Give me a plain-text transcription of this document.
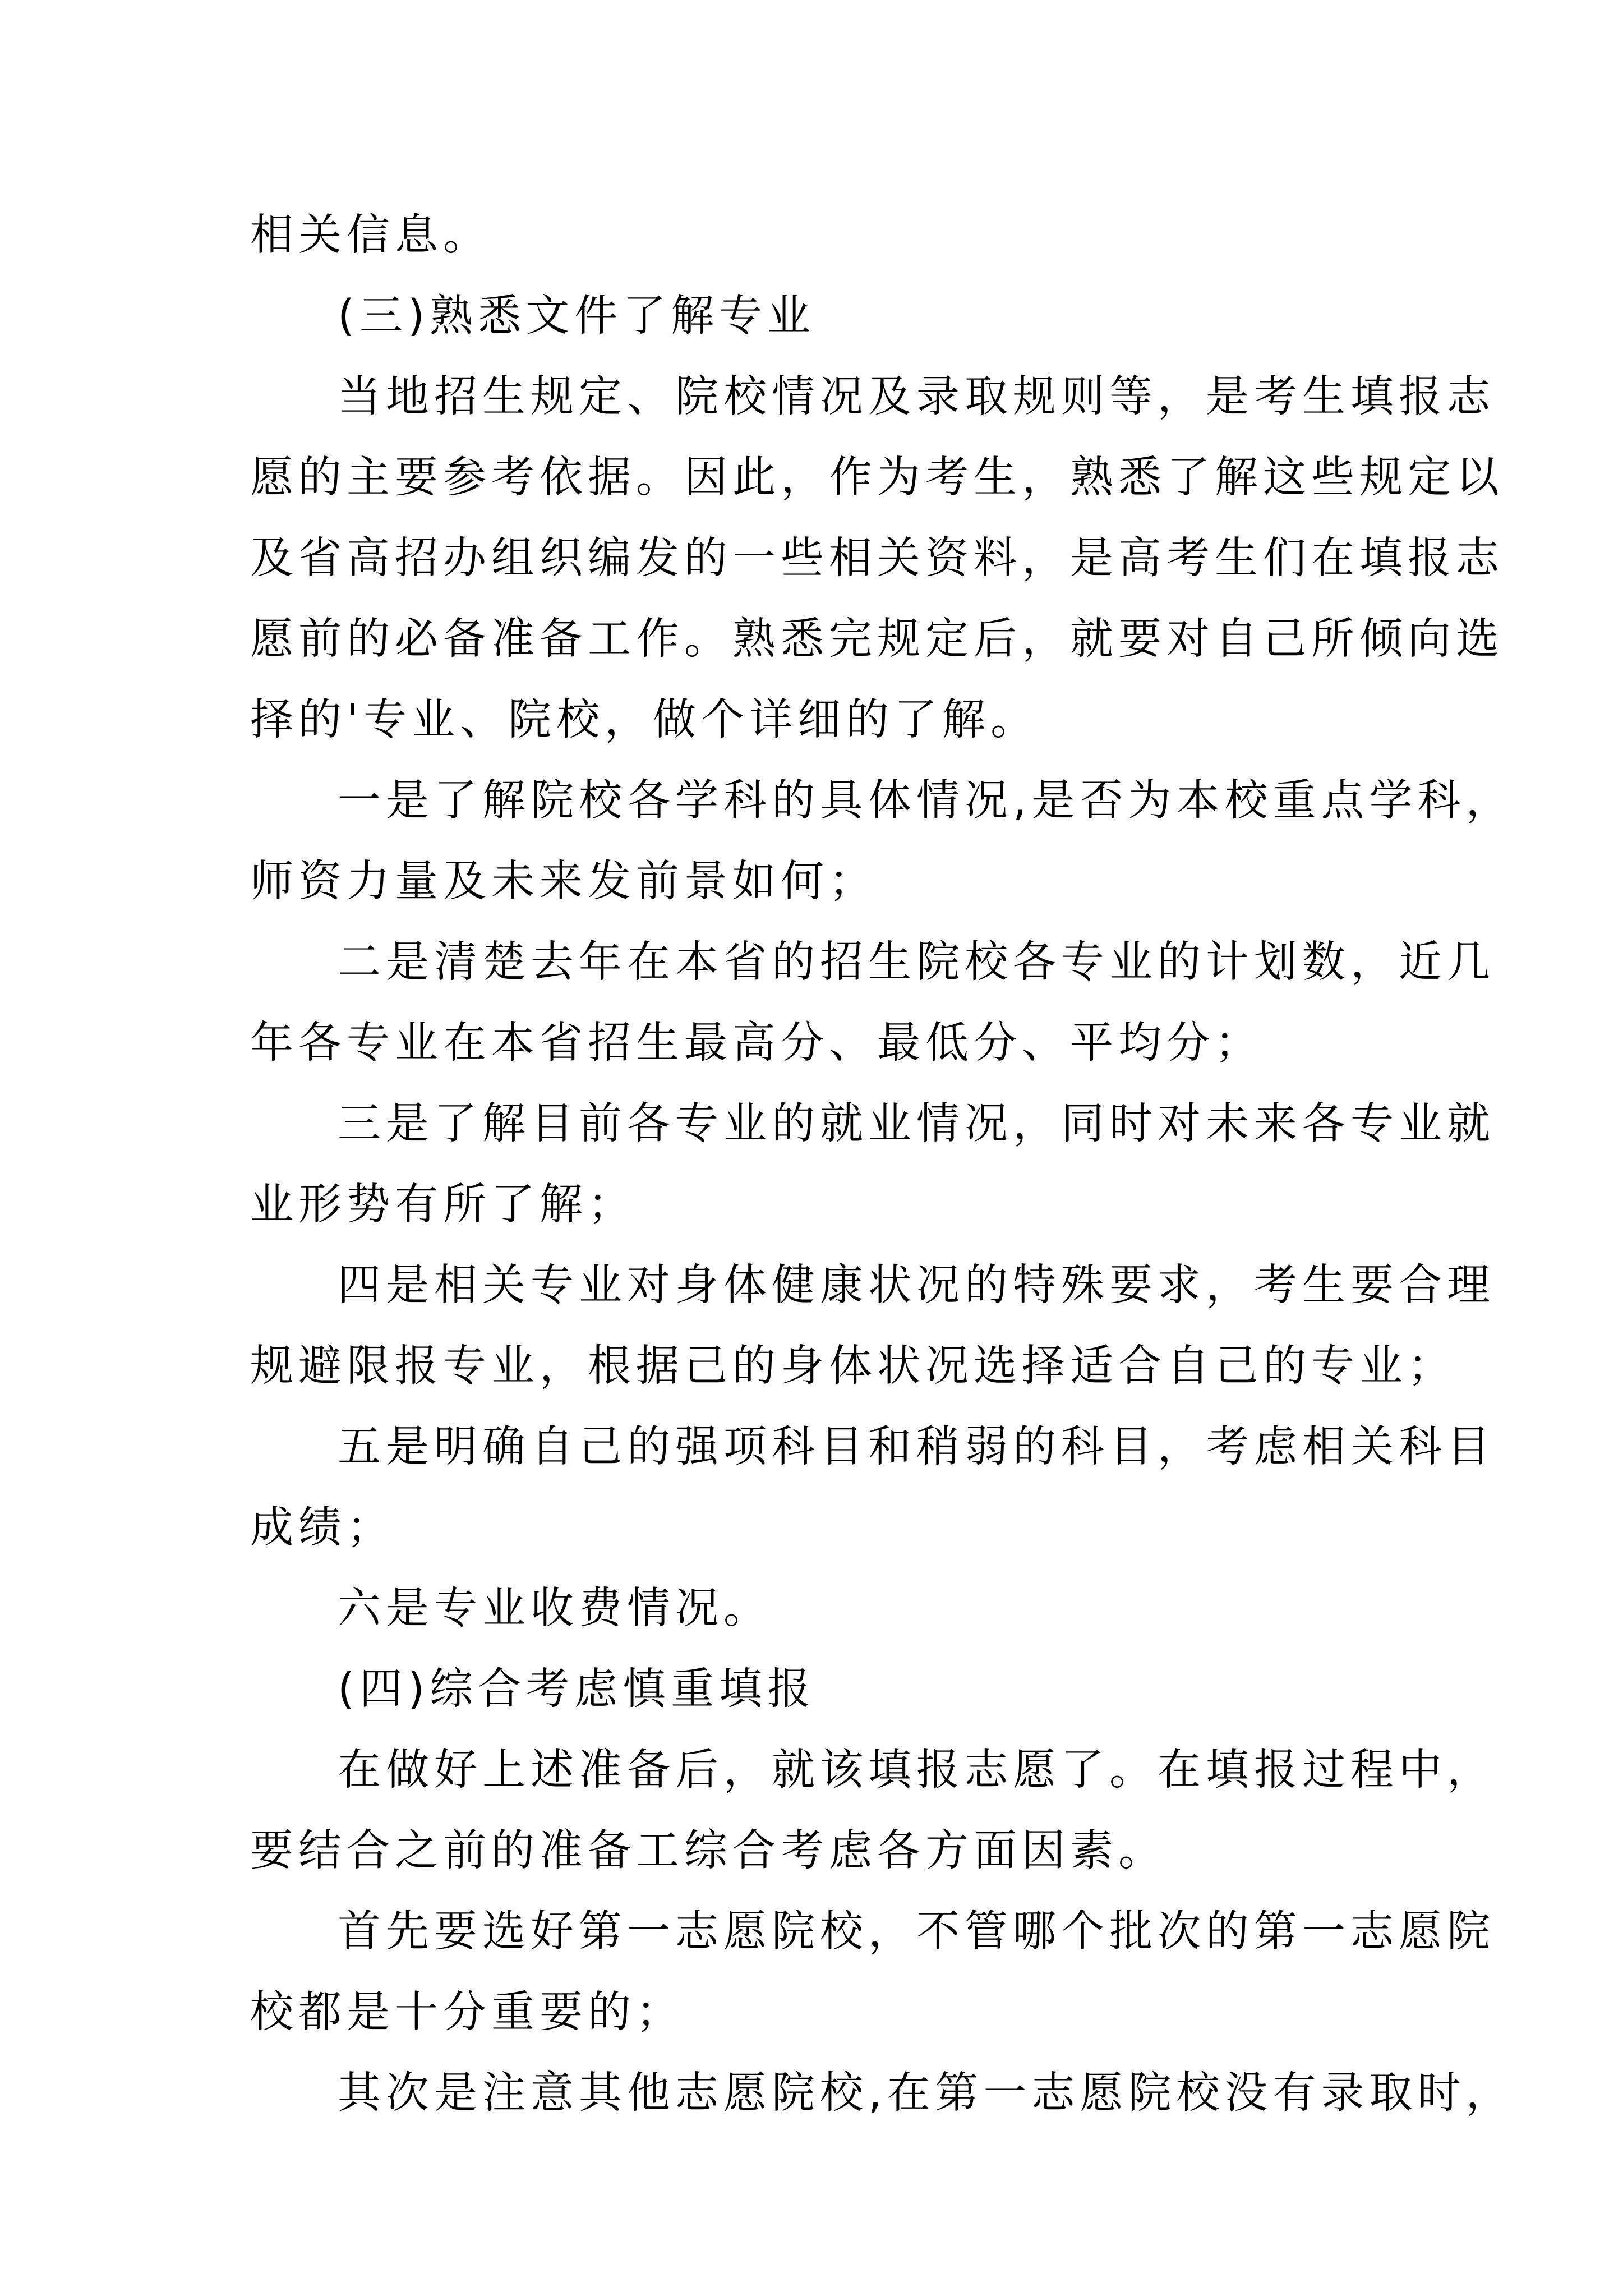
相关信息。
(三)熟悉文件了解专业
当地招生规定、院校情况及录取规则等，是考生填报志
愿的主要参考依据。因此，作为考生，熟悉了解这些规定以
及省高招办组织编发的一些相关资料，是高考生们在填报志
愿前的必备准备工作。熟悉完规定后，就要对自己所倾向选
择的'专业、院校，做个详细的了解。
一是了解院校各学科的具体情况,是否为本校重点学科，
师资力量及未来发前景如何；
二是清楚去年在本省的招生院校各专业的计划数，近几
年各专业在本省招生最高分、最低分、平均分；
三是了解目前各专业的就业情况，同时对未来各专业就
业形势有所了解；
四是相关专业对身体健康状况的特殊要求，考生要合理
规避限报专业，根据己的身体状况选择适合自己的专业；
五是明确自己的强项科目和稍弱的科目，考虑相关科目
成绩；
六是专业收费情况。
(四)综合考虑慎重填报
在做好上述准备后，就该填报志愿了。在填报过程中，
要结合之前的准备工综合考虑各方面因素。
首先要选好第一志愿院校，不管哪个批次的第一志愿院
校都是十分重要的；
其次是注意其他志愿院校,在第一志愿院校没有录取时，
